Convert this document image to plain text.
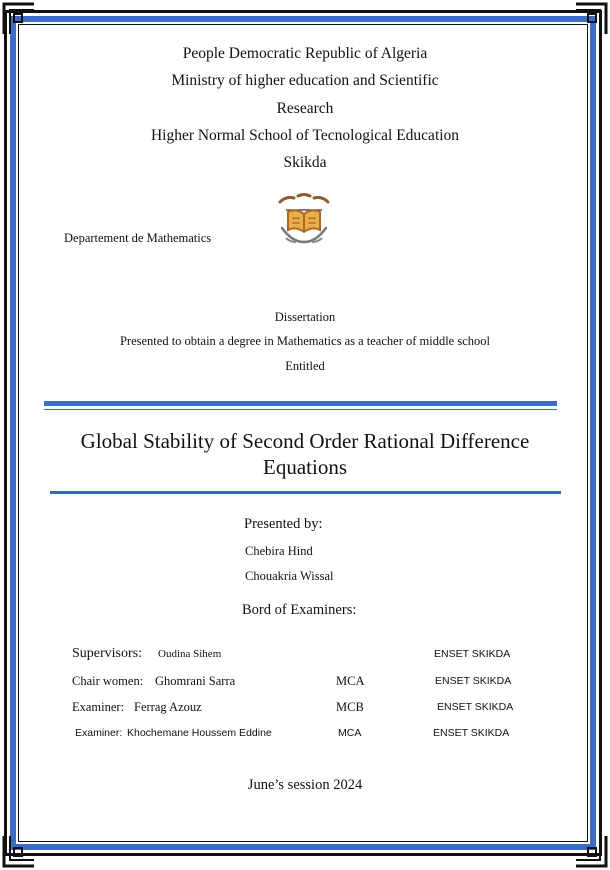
People Democratic Republic of Algeria
Ministry of higher education and Scientific
Research
Higher Normal School of Tecnological Education
Skikda
Departement de Mathematics
Dissertation
Presented to obtain a degree in Mathematics as a teacher of middle school
Entitled
Global Stability of Second Order Rational Difference
Equations
Presented by:
Chebira Hind
Chouakria Wissal
Bord of Examiners:
Supervisors: Oudina Sihem	ENSET SKIKDA
Chair women: Ghomrani Sarra	MCA	ENSET SKIKDA
Examiner: Ferrag Azouz	MCB	ENSET SKIKDA
Examiner: Khochemane Houssem Eddine	MCA	ENSET SKIKDA
June’s session 2024
